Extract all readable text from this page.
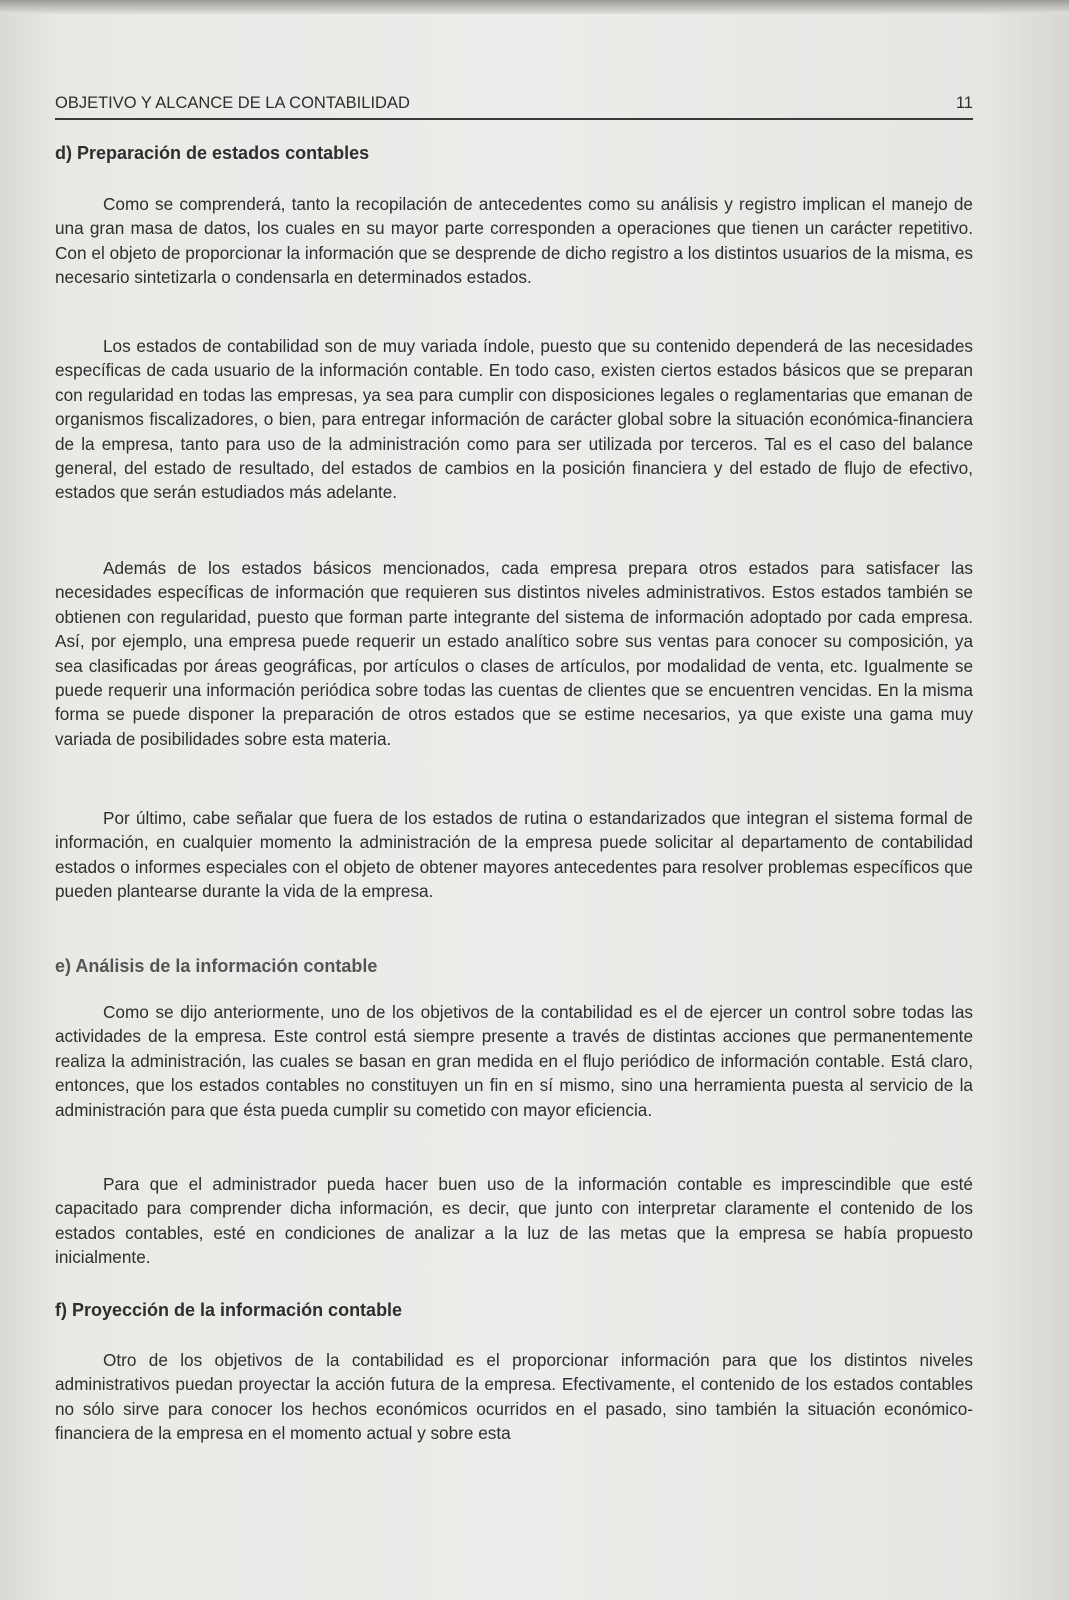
OBJETIVO Y ALCANCE DE LA CONTABILIDAD	11
d) Preparación de estados contables

Como se comprenderá, tanto la recopilación de antecedentes como su análisis y registro implican el manejo de una gran masa de datos, los cuales en su mayor parte corresponden a operaciones que tienen un carácter repetitivo. Con el objeto de proporcionar la información que se desprende de dicho registro a los distintos usuarios de la misma, es necesario sintetizarla o condensarla en determinados estados.

Los estados de contabilidad son de muy variada índole, puesto que su contenido dependerá de las necesidades específicas de cada usuario de la información contable. En todo caso, existen ciertos estados básicos que se preparan con regularidad en todas las empresas, ya sea para cumplir con disposiciones legales o reglamentarias que emanan de organismos fiscalizadores, o bien, para entregar información de carácter global sobre la situación económica-financiera de la empresa, tanto para uso de la administración como para ser utilizada por terceros. Tal es el caso del balance general, del estado de resultado, del estados de cambios en la posición financiera y del estado de flujo de efectivo, estados que serán estudiados más adelante.

Además de los estados básicos mencionados, cada empresa prepara otros estados para satisfacer las necesidades específicas de información que requieren sus distintos niveles administrativos. Estos estados también se obtienen con regularidad, puesto que forman parte integrante del sistema de información adoptado por cada empresa. Así, por ejemplo, una empresa puede requerir un estado analítico sobre sus ventas para conocer su composición, ya sea clasificadas por áreas geográficas, por artículos o clases de artículos, por modalidad de venta, etc. Igualmente se puede requerir una información periódica sobre todas las cuentas de clientes que se encuentren vencidas. En la misma forma se puede disponer la preparación de otros estados que se estime necesarios, ya que existe una gama muy variada de posibilidades sobre esta materia.

Por último, cabe señalar que fuera de los estados de rutina o estandarizados que integran el sistema formal de información, en cualquier momento la administración de la empresa puede solicitar al departamento de contabilidad estados o informes especiales con el objeto de obtener mayores antecedentes para resolver problemas específicos que pueden plantearse durante la vida de la empresa.

e) Análisis de la información contable

Como se dijo anteriormente, uno de los objetivos de la contabilidad es el de ejercer un control sobre todas las actividades de la empresa. Este control está siempre presente a través de distintas acciones que permanentemente realiza la administración, las cuales se basan en gran medida en el flujo periódico de información contable. Está claro, entonces, que los estados contables no constituyen un fin en sí mismo, sino una herramienta puesta al servicio de la administración para que ésta pueda cumplir su cometido con mayor eficiencia.

Para que el administrador pueda hacer buen uso de la información contable es imprescindible que esté capacitado para comprender dicha información, es decir, que junto con interpretar claramente el contenido de los estados contables, esté en condiciones de analizar a la luz de las metas que la empresa se había propuesto inicialmente.

f) Proyección de la información contable

Otro de los objetivos de la contabilidad es el proporcionar información para que los distintos niveles administrativos puedan proyectar la acción futura de la empresa. Efectivamente, el contenido de los estados contables no sólo sirve para conocer los hechos económicos ocurridos en el pasado, sino también la situación económico-financiera de la empresa en el momento actual y sobre esta
